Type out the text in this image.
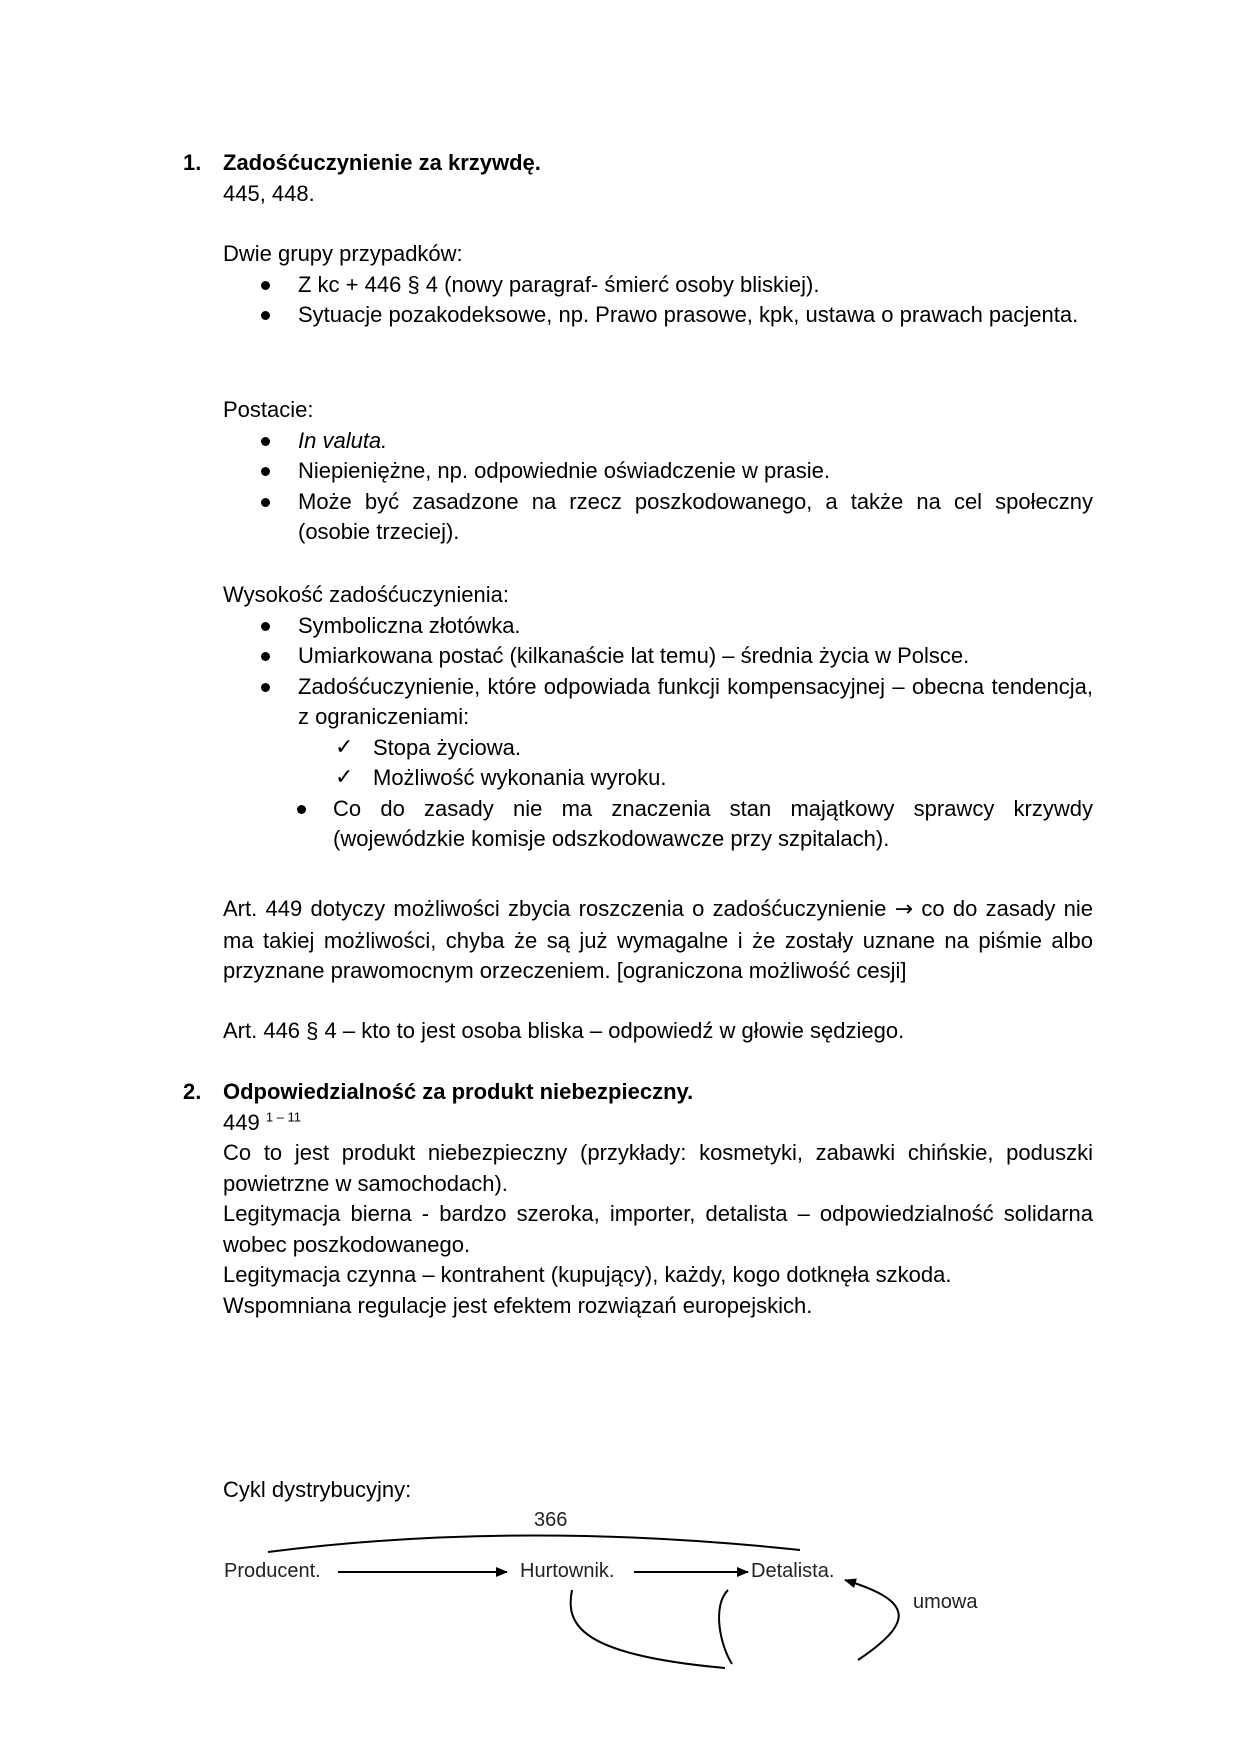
1. Zadośćuczynienie za krzywdę.
445, 448.
Dwie grupy przypadków:
Z kc + 446 § 4 (nowy paragraf- śmierć osoby bliskiej).
Sytuacje pozakodeksowe, np. Prawo prasowe, kpk, ustawa o prawach pacjenta.
Postacie:
In valuta.
Niepieniężne, np. odpowiednie oświadczenie w prasie.
Może być zasadzone na rzecz poszkodowanego, a także na cel społeczny (osobie trzeciej).
Wysokość zadośćuczynienia:
Symboliczna złotówka.
Umiarkowana postać (kilkanaście lat temu) – średnia życia w Polsce.
Zadośćuczynienie, które odpowiada funkcji kompensacyjnej – obecna tendencja, z ograniczeniami:
✓ Stopa życiowa.
✓ Możliwość wykonania wyroku.
Co do zasady nie ma znaczenia stan majątkowy sprawcy krzywdy (wojewódzkie komisje odszkodowawcze przy szpitalach).

Art. 449 dotyczy możliwości zbycia roszczenia o zadośćuczynienie → co do zasady nie ma takiej możliwości, chyba że są już wymagalne i że zostały uznane na piśmie albo przyznane prawomocnym orzeczeniem. [ograniczona możliwość cesji]

Art. 446 § 4 – kto to jest osoba bliska – odpowiedź w głowie sędziego.

2. Odpowiedzialność za produkt niebezpieczny.
449 $^{1 - 11}$

Co to jest produkt niebezpieczny (przykłady: kosmetyki, zabawki chińskie, poduszki powietrzne w samochodach).

Legitymacja bierna - bardzo szeroka, importer, detalista – odpowiedzialność solidarna wobec poszkodowanego.

Legitymacja czynna – kontrahent (kupujący), każdy, kogo dotknęła szkoda.

Wspomniana regulacje jest efektem rozwiązań europejskich.

Cykl dystrybucyjny:
366
Producent.	Hurtownik.	Detalista.
umowa
